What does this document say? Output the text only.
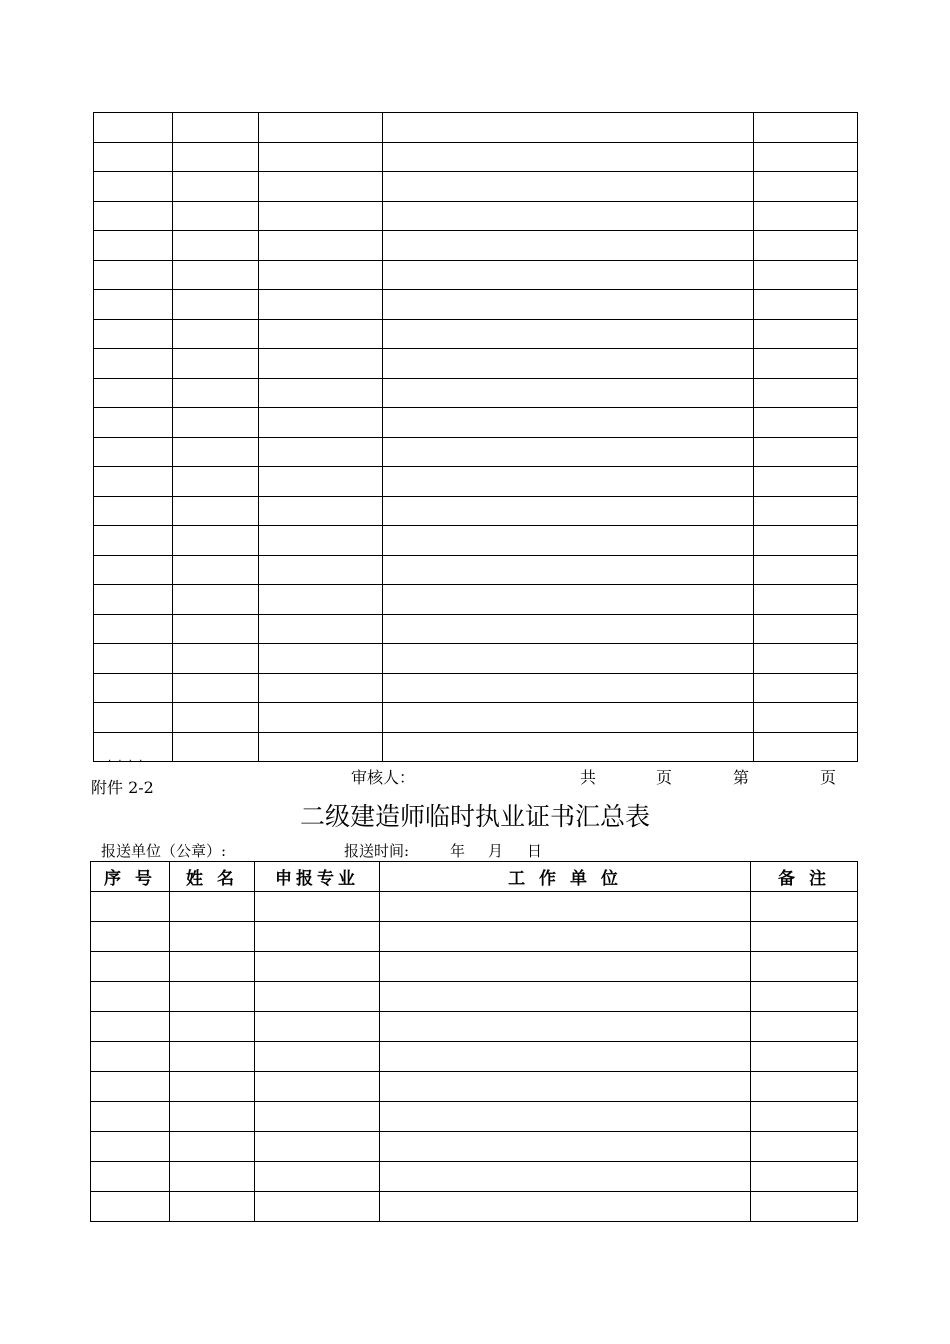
· · · ·
附件 2-2
审核人：	共	页	第	页
二级建造师临时执业证书汇总表
报送单位（公章）:	报送时间:	年 月 日
序 号	姓 名	申报专业	工 作 单 位	备 注
